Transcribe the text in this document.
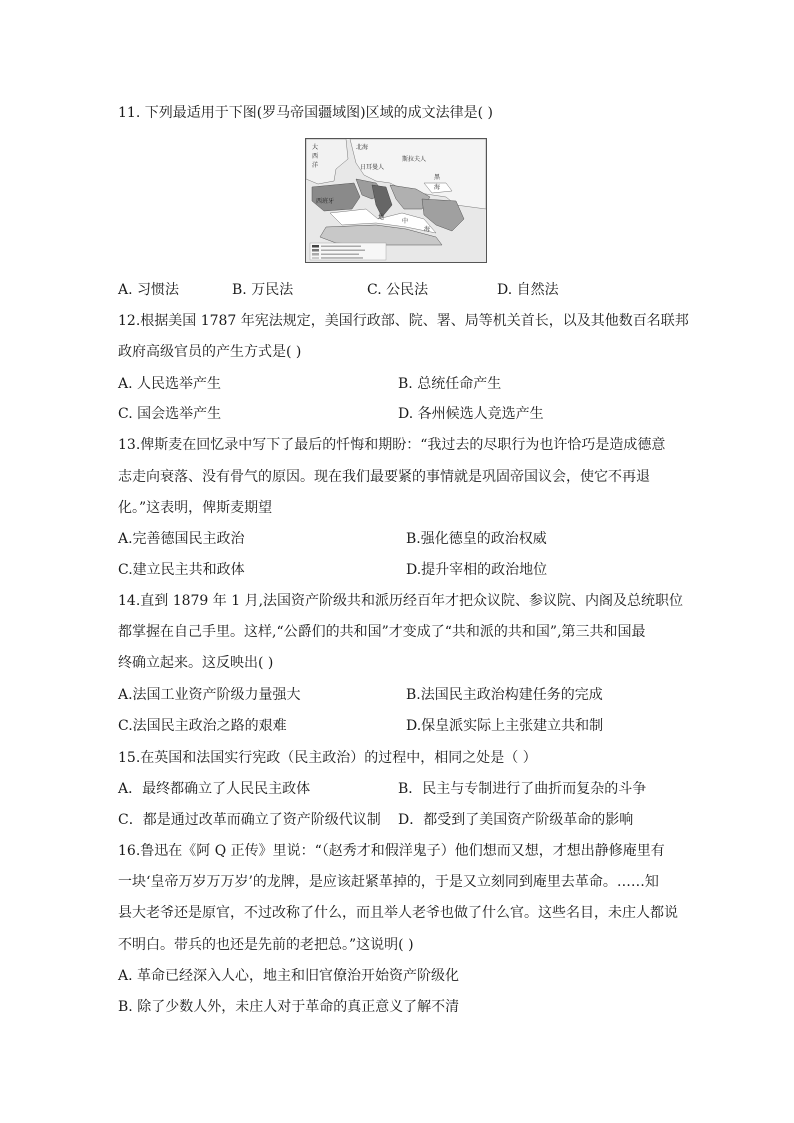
11. 下列最适用于下图(罗马帝国疆域图)区域的成文法律是( )
大
西
洋
北海
日耳曼人
斯拉夫人
黑
海
西班牙
地
中
海
A. 习惯法	B. 万民法	C. 公民法	D. 自然法
12.根据美国 1787 年宪法规定，美国行政部、院、署、局等机关首长，以及其他数百名联邦
政府高级官员的产生方式是( )
A. 人民选举产生	B. 总统任命产生
C. 国会选举产生	D. 各州候选人竞选产生
13.俾斯麦在回忆录中写下了最后的忏悔和期盼：“我过去的尽职行为也许恰巧是造成德意
志走向衰落、没有骨气的原因。现在我们最要紧的事情就是巩固帝国议会，使它不再退
化。”这表明，俾斯麦期望
A.完善德国民主政治	B.强化德皇的政治权威
C.建立民主共和政体	D.提升宰相的政治地位
14.直到 1879 年 1 月,法国资产阶级共和派历经百年才把众议院、参议院、内阁及总统职位
都掌握在自己手里。这样,“公爵们的共和国”才变成了“共和派的共和国”,第三共和国最
终确立起来。这反映出( )
A.法国工业资产阶级力量强大	B.法国民主政治构建任务的完成
C.法国民主政治之路的艰难	D.保皇派实际上主张建立共和制
15.在英国和法国实行宪政（民主政治）的过程中，相同之处是（ ）
A．最终都确立了人民民主政体	B．民主与专制进行了曲折而复杂的斗争
C．都是通过改革而确立了资产阶级代议制 D．都受到了美国资产阶级革命的影响
16.鲁迅在《阿 Q 正传》里说：“（赵秀才和假洋鬼子）他们想而又想，才想出静修庵里有
一块‘皇帝万岁万万岁’的龙牌，是应该赶紧革掉的，于是又立刻同到庵里去革命。……知
县大老爷还是原官，不过改称了什么，而且举人老爷也做了什么官。这些名目，未庄人都说
不明白。带兵的也还是先前的老把总。”这说明( )
A. 革命已经深入人心，地主和旧官僚治开始资产阶级化
B. 除了少数人外，未庄人对于革命的真正意义了解不清
